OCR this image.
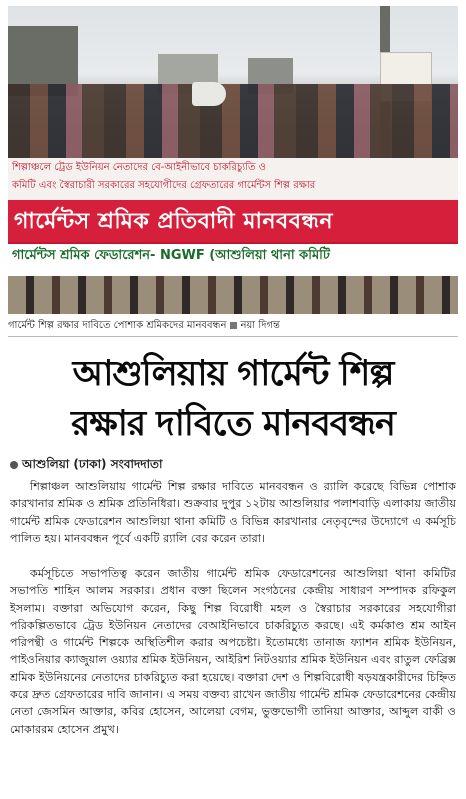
শিল্পাঞ্চলে ট্রেড ইউনিয়ন নেতাদের বে-আইনীভাবে চাকরিচ্যুতি ও
কমিটি এবং স্বৈরাচারী সরকারের সহযোগীদের গ্রেফতারের গার্মেন্টস শিল্প রক্ষার
গার্মেন্টস শ্রমিক প্রতিবাদী মানববন্ধন
গার্মেন্টস শ্রমিক ফেডারেশন- NGWF (আশুলিয়া থানা কমিটি
গার্মেন্ট শিল্প রক্ষার দাবিতে পোশাক শ্রমিকদের মানববন্ধন নয়া দিগন্ত
আশুলিয়ায় গার্মেন্ট শিল্প
রক্ষার দাবিতে মানববন্ধন
আশুলিয়া (ঢাকা) সংবাদদাতা

শিল্পাঞ্চল আশুলিয়ায় গার্মেন্ট শিল্প রক্ষার দাবিতে মানববন্ধন ও র‍্যালি করেছে বিভিন্ন পোশাক কারখানার শ্রমিক ও শ্রমিক প্রতিনিধিরা। শুক্রবার দুপুর ১২টায় আশুলিয়ার পলাশবাড়ি এলাকায় জাতীয় গার্মেন্ট শ্রমিক ফেডারেশন আশুলিয়া থানা কমিটি ও বিভিন্ন কারখানার নেতৃবৃন্দের উদ্যোগে এ কর্মসূচি পালিত হয়। মানববন্ধন পূর্বে একটি র‍্যালি বের করেন তারা।

কর্মসূচিতে সভাপতিত্ব করেন জাতীয় গার্মেন্ট শ্রমিক ফেডারেশনের আশুলিয়া থানা কমিটির সভাপতি শাহিন আলম সরকার। প্রধান বক্তা ছিলেন সংগঠনের কেন্দ্রীয় সাধারণ সম্পাদক রফিকুল ইসলাম। বক্তারা অভিযোগ করেন, কিছু শিল্প বিরোধী মহল ও স্বৈরাচার সরকারের সহযোগীরা পরিকল্পিতভাবে ট্রেড ইউনিয়ন নেতাদের বেআইনিভাবে চাকরিচ্যুত করছে। এই কর্মকাণ্ড শ্রম আইন পরিপন্থী ও গার্মেন্ট শিল্পকে অস্থিতিশীল করার অপচেষ্টা। ইতোমধ্যে তানাজ ফ্যাশন শ্রমিক ইউনিয়ন, পাইওনিয়ার ক্যাজুয়াল ওয়্যার শ্রমিক ইউনিয়ন, আইরিশ নিটওয়্যার শ্রমিক ইউনিয়ন এবং রাতুল ফেব্রিক্স শ্রমিক ইউনিয়নের নেতাদের চাকরিচ্যুত করা হয়েছে। বক্তারা দেশ ও শিল্পবিরোধী ষড়যন্ত্রকারীদের চিহ্নিত করে দ্রুত গ্রেফতারের দাবি জানান। এ সময় বক্তব্য রাখেন জাতীয় গার্মেন্ট শ্রমিক ফেডারেশনের কেন্দ্রীয় নেতা জেসমিন আক্তার, কবির হোসেন, আলেয়া বেগম, ভুক্তভোগী তানিয়া আক্তার, আব্দুল বাকী ও মোকাররম হোসেন প্রমুখ।
